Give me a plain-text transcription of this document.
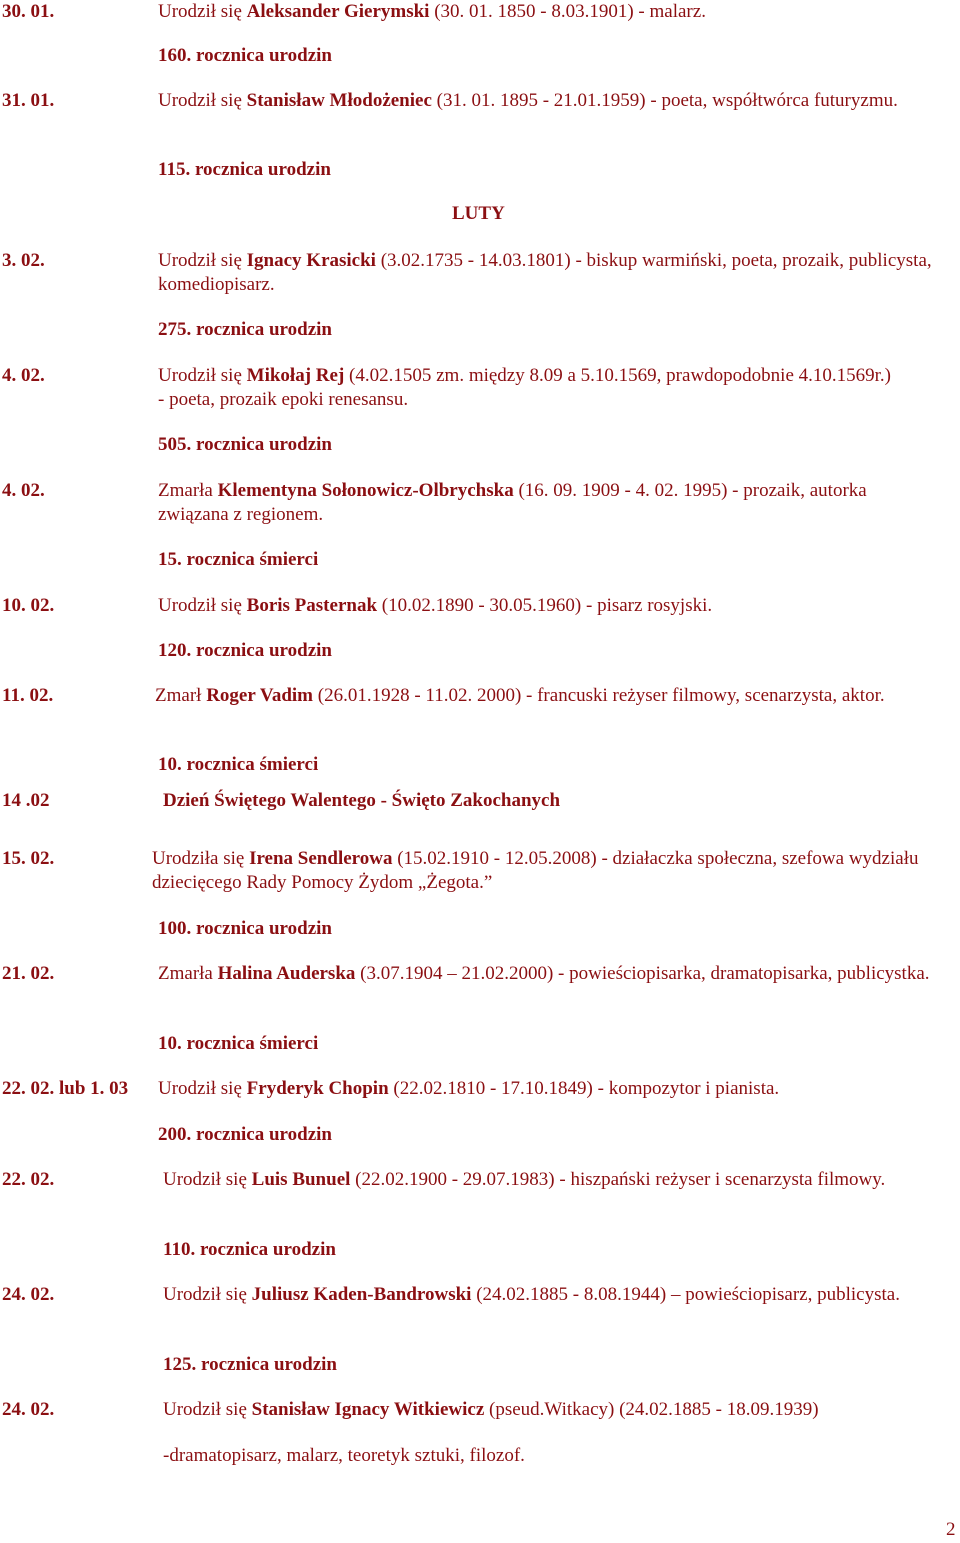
30. 01.	Urodził się Aleksander Gierymski (30. 01. 1850 - 8.03.1901) - malarz.
160. rocznica urodzin
31. 01.	Urodził się Stanisław Młodożeniec (31. 01. 1895 - 21.01.1959) - poeta, współtwórca futuryzmu.
115. rocznica urodzin
LUTY
3. 02.	Urodził się Ignacy Krasicki (3.02.1735 - 14.03.1801) - biskup warmiński, poeta, prozaik, publicysta, komediopisarz.
275. rocznica urodzin
4. 02.	Urodził się Mikołaj Rej (4.02.1505 zm. między 8.09 a 5.10.1569, prawdopodobnie 4.10.1569r.) - poeta, prozaik epoki renesansu.
505. rocznica urodzin
4. 02.	Zmarła Klementyna Sołonowicz-Olbrychska (16. 09. 1909 - 4. 02. 1995) - prozaik, autorka związana z regionem.
15. rocznica śmierci
10. 02.	Urodził się Boris Pasternak (10.02.1890 - 30.05.1960) - pisarz rosyjski.
120. rocznica urodzin
11. 02.	Zmarł Roger Vadim (26.01.1928 - 11.02. 2000) - francuski reżyser filmowy, scenarzysta, aktor.
10. rocznica śmierci
14 .02	Dzień Świętego Walentego - Święto Zakochanych
15. 02.	Urodziła się Irena Sendlerowa (15.02.1910 - 12.05.2008) - działaczka społeczna, szefowa wydziału dziecięcego Rady Pomocy Żydom „Żegota.”
100. rocznica urodzin
21. 02.	Zmarła Halina Auderska (3.07.1904 – 21.02.2000) - powieściopisarka, dramatopisarka, publicystka.
10. rocznica śmierci
22. 02. lub 1. 03 Urodził się Fryderyk Chopin (22.02.1810 - 17.10.1849) - kompozytor i pianista.
200. rocznica urodzin
22. 02.	Urodził się Luis Bunuel (22.02.1900 - 29.07.1983) - hiszpański reżyser i scenarzysta filmowy.
110. rocznica urodzin
24. 02.	Urodził się Juliusz Kaden-Bandrowski (24.02.1885 - 8.08.1944) – powieściopisarz, publicysta.
125. rocznica urodzin
24. 02.	Urodził się Stanisław Ignacy Witkiewicz (pseud.Witkacy) (24.02.1885 - 18.09.1939)
-dramatopisarz, malarz, teoretyk sztuki, filozof.
2
